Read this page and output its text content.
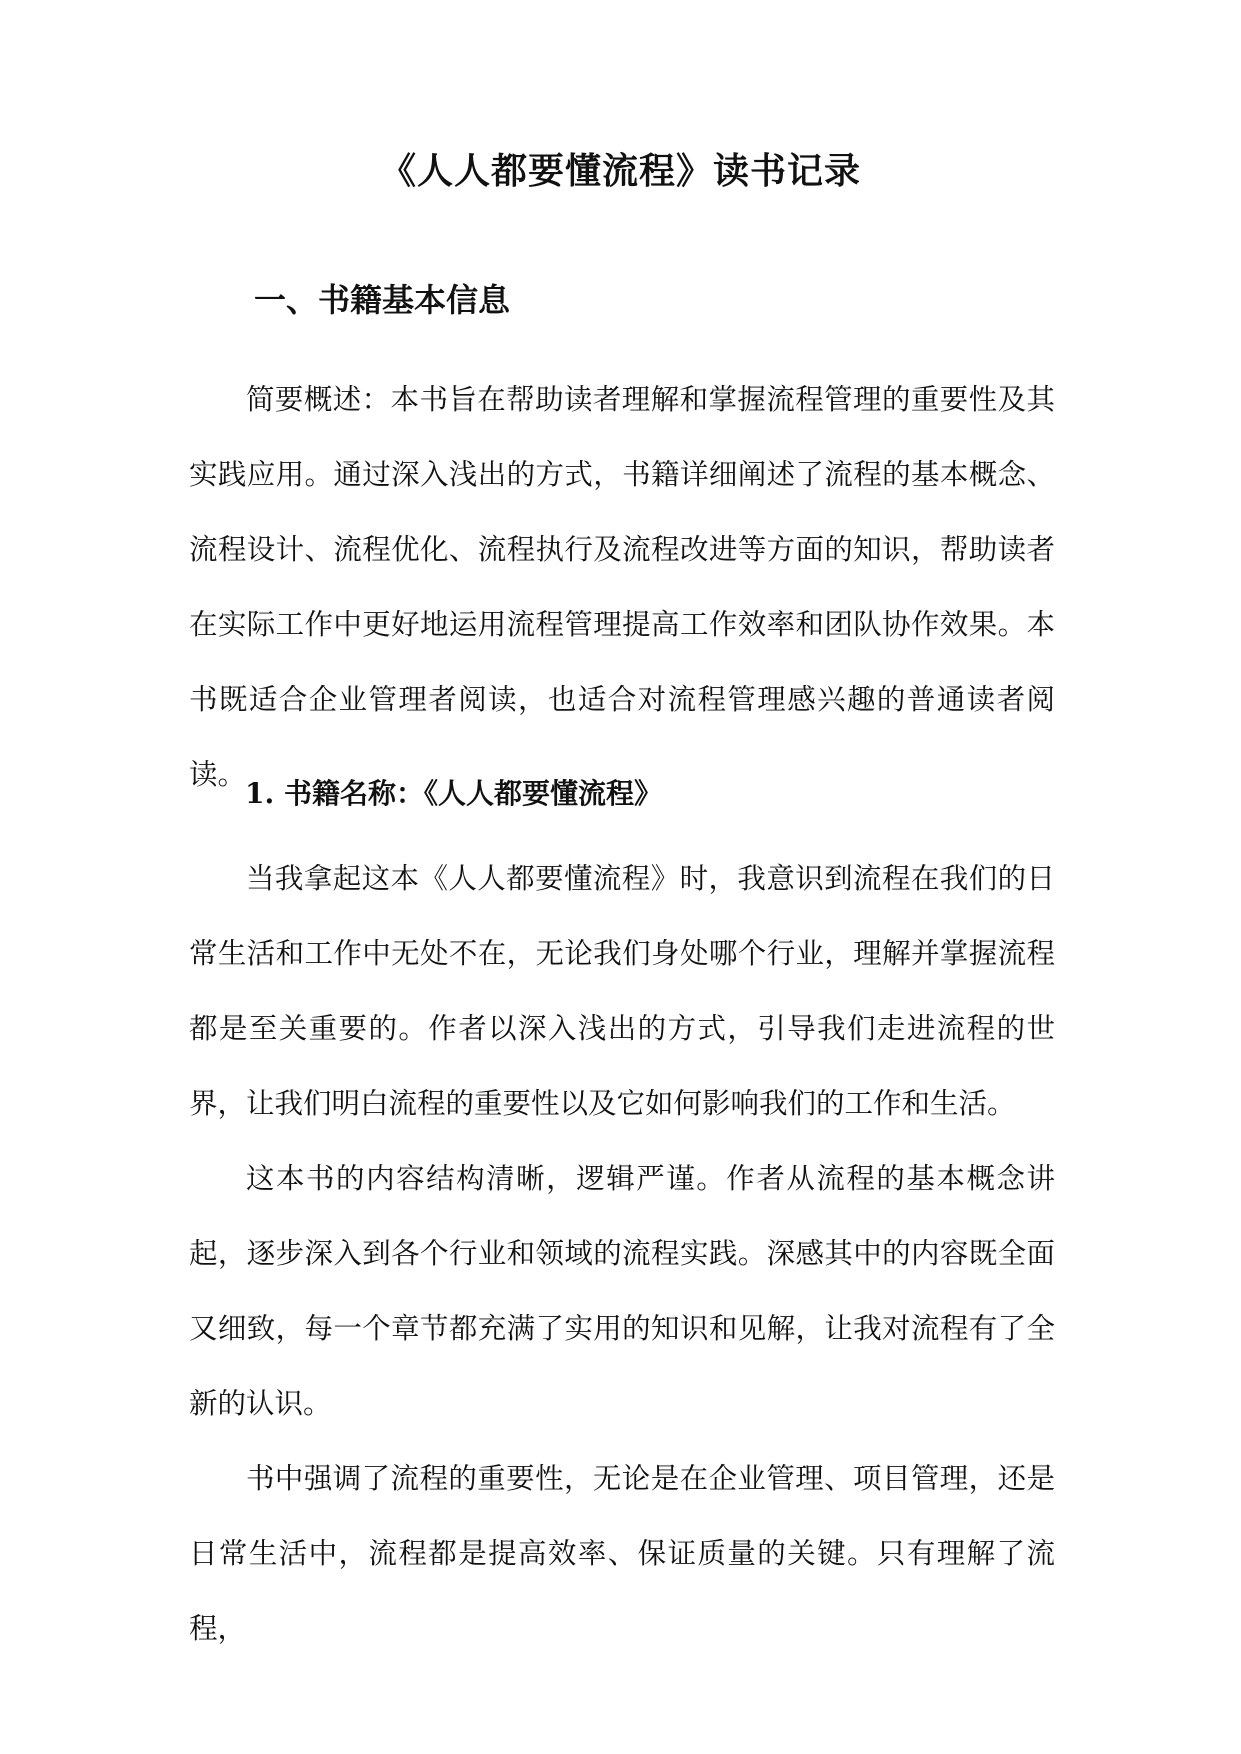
《人人都要懂流程》读书记录
一、书籍基本信息

简要概述：本书旨在帮助读者理解和掌握流程管理的重要性及其实践应用。通过深入浅出的方式，书籍详细阐述了流程的基本概念、流程设计、流程优化、流程执行及流程改进等方面的知识，帮助读者在实际工作中更好地运用流程管理提高工作效率和团队协作效果。本书既适合企业管理者阅读，也适合对流程管理感兴趣的普通读者阅读。

1. 书籍名称：《人人都要懂流程》

当我拿起这本《人人都要懂流程》时，我意识到流程在我们的日常生活和工作中无处不在，无论我们身处哪个行业，理解并掌握流程都是至关重要的。作者以深入浅出的方式，引导我们走进流程的世界，让我们明白流程的重要性以及它如何影响我们的工作和生活。

这本书的内容结构清晰，逻辑严谨。作者从流程的基本概念讲起，逐步深入到各个行业和领域的流程实践。深感其中的内容既全面又细致，每一个章节都充满了实用的知识和见解，让我对流程有了全新的认识。

书中强调了流程的重要性，无论是在企业管理、项目管理，还是日常生活中，流程都是提高效率、保证质量的关键。只有理解了流程，
